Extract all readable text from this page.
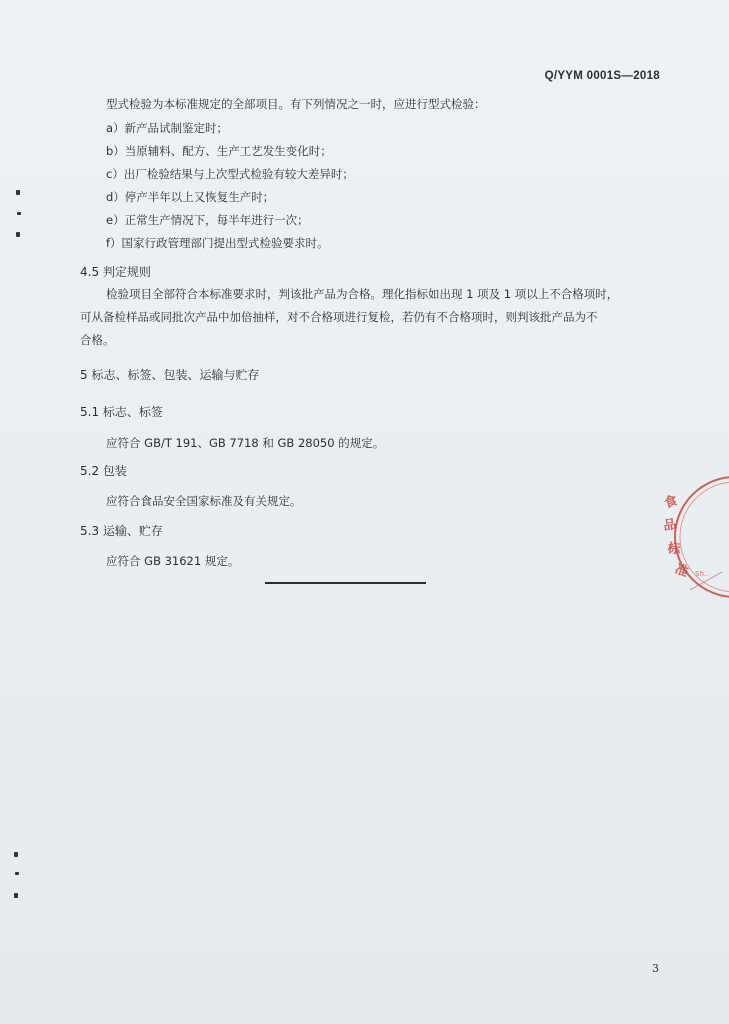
Q/YYM 0001S—2018
型式检验为本标准规定的全部项目。有下列情况之一时，应进行型式检验：
a）新产品试制鉴定时；
b）当原辅料、配方、生产工艺发生变化时；
c）出厂检验结果与上次型式检验有较大差异时；
d）停产半年以上又恢复生产时；
e）正常生产情况下，每半年进行一次；
f）国家行政管理部门提出型式检验要求时。
4.5 判定规则
检验项目全部符合本标准要求时，判该批产品为合格。理化指标如出现 1 项及 1 项以上不合格项时，
可从备检样品或同批次产品中加倍抽样，对不合格项进行复检，若仍有不合格项时，则判该批产品为不
合格。
5 标志、标签、包装、运输与贮存
5.1 标志、标签
应符合 GB/T 191、GB 7718 和 GB 28050 的规定。
5.2 包装
应符合食品安全国家标准及有关规定。
5.3 运输、贮存
应符合 GB 31621 规定。
食
品
标
准 Sh..
3
